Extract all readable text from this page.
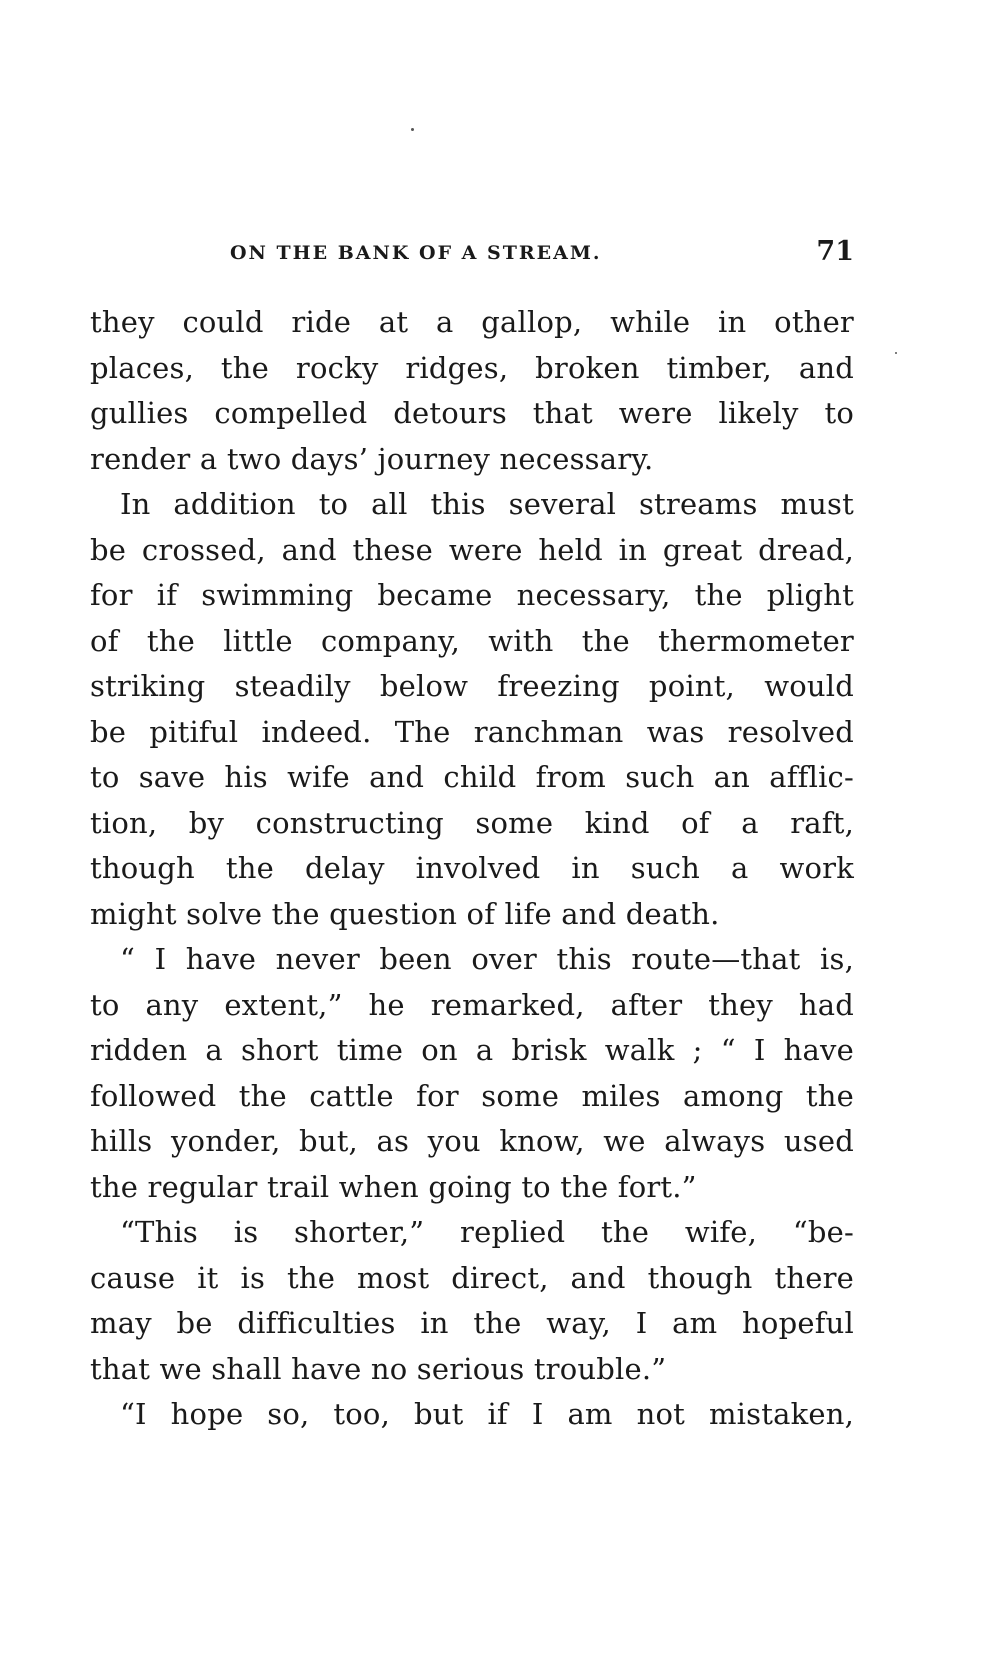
ON THE BANK OF A STREAM.	71
they could ride at a gallop, while in other
places, the rocky ridges, broken timber, and
gullies compelled detours that were likely to
render a two days’ journey necessary.
In addition to all this several streams must
be crossed, and these were held in great dread,
for if swimming became necessary, the plight
of the little company, with the thermometer
striking steadily below freezing point, would
be pitiful indeed. The ranchman was resolved
to save his wife and child from such an afflic-
tion, by constructing some kind of a raft,
though the delay involved in such a work
might solve the question of life and death.
“ I have never been over this route—that is,
to any extent,” he remarked, after they had
ridden a short time on a brisk walk ; “ I have
followed the cattle for some miles among the
hills yonder, but, as you know, we always used
the regular trail when going to the fort.”
“This is shorter,” replied the wife, “be-
cause it is the most direct, and though there
may be difficulties in the way, I am hopeful
that we shall have no serious trouble.”
“I hope so, too, but if I am not mistaken,
